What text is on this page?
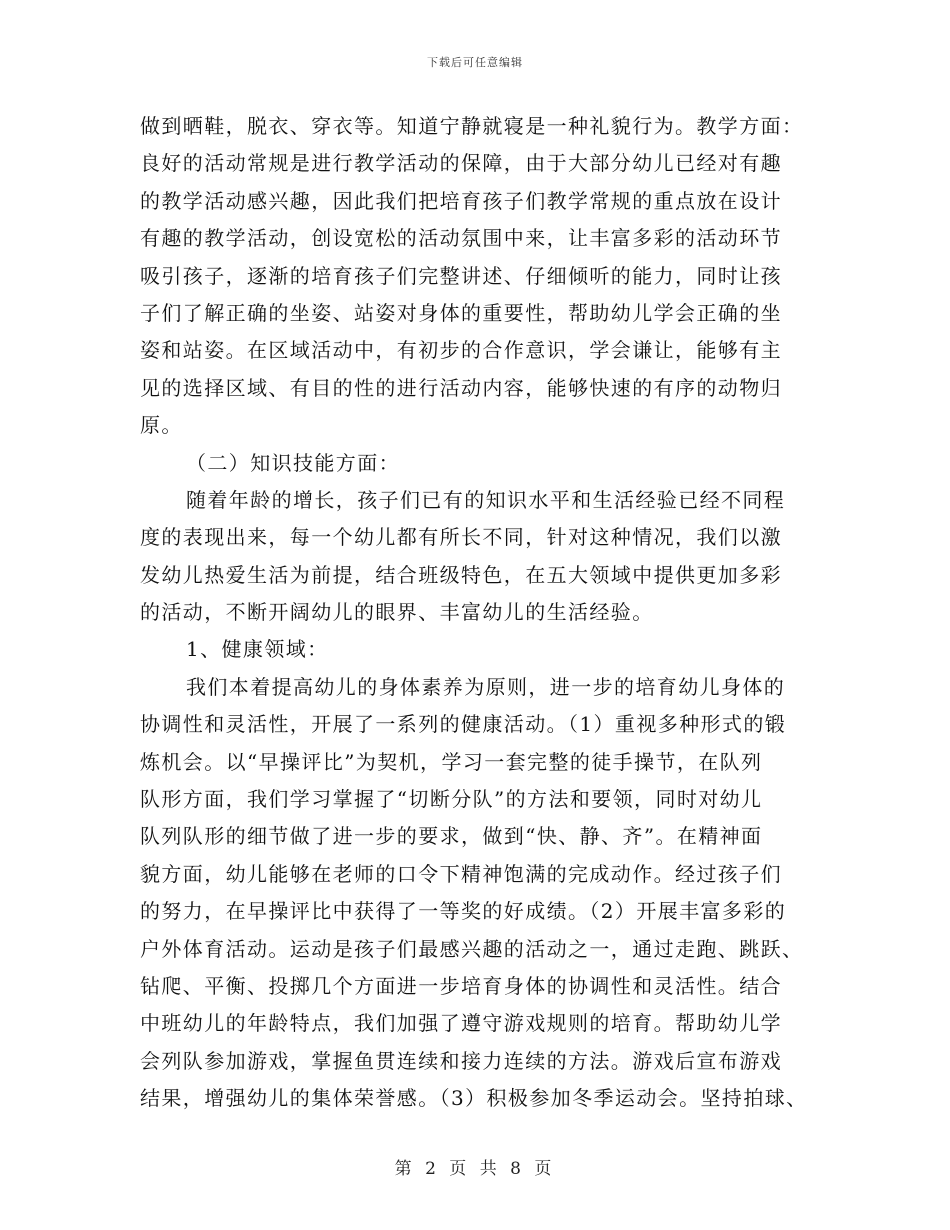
下载后可任意编辑
做到晒鞋，脱衣、穿衣等。知道宁静就寝是一种礼貌行为。教学方面：
良好的活动常规是进行教学活动的保障，由于大部分幼儿已经对有趣
的教学活动感兴趣，因此我们把培育孩子们教学常规的重点放在设计
有趣的教学活动，创设宽松的活动氛围中来，让丰富多彩的活动环节
吸引孩子，逐渐的培育孩子们完整讲述、仔细倾听的能力，同时让孩
子们了解正确的坐姿、站姿对身体的重要性，帮助幼儿学会正确的坐
姿和站姿。在区域活动中，有初步的合作意识，学会谦让，能够有主
见的选择区域、有目的性的进行活动内容，能够快速的有序的动物归
原。
（二）知识技能方面：
随着年龄的增长，孩子们已有的知识水平和生活经验已经不同程
度的表现出来，每一个幼儿都有所长不同，针对这种情况，我们以激
发幼儿热爱生活为前提，结合班级特色，在五大领域中提供更加多彩
的活动，不断开阔幼儿的眼界、丰富幼儿的生活经验。
1、健康领域：
我们本着提高幼儿的身体素养为原则，进一步的培育幼儿身体的
协调性和灵活性，开展了一系列的健康活动。（1）重视多种形式的锻
炼机会。以“早操评比”为契机，学习一套完整的徒手操节，在队列
队形方面，我们学习掌握了“切断分队”的方法和要领，同时对幼儿
队列队形的细节做了进一步的要求，做到“快、静、齐”。在精神面
貌方面，幼儿能够在老师的口令下精神饱满的完成动作。经过孩子们
的努力，在早操评比中获得了一等奖的好成绩。（2）开展丰富多彩的
户外体育活动。运动是孩子们最感兴趣的活动之一，通过走跑、跳跃、
钻爬、平衡、投掷几个方面进一步培育身体的协调性和灵活性。结合
中班幼儿的年龄特点，我们加强了遵守游戏规则的培育。帮助幼儿学
会列队参加游戏，掌握鱼贯连续和接力连续的方法。游戏后宣布游戏
结果，增强幼儿的集体荣誉感。（3）积极参加冬季运动会。坚持拍球、
第 2 页 共 8 页
